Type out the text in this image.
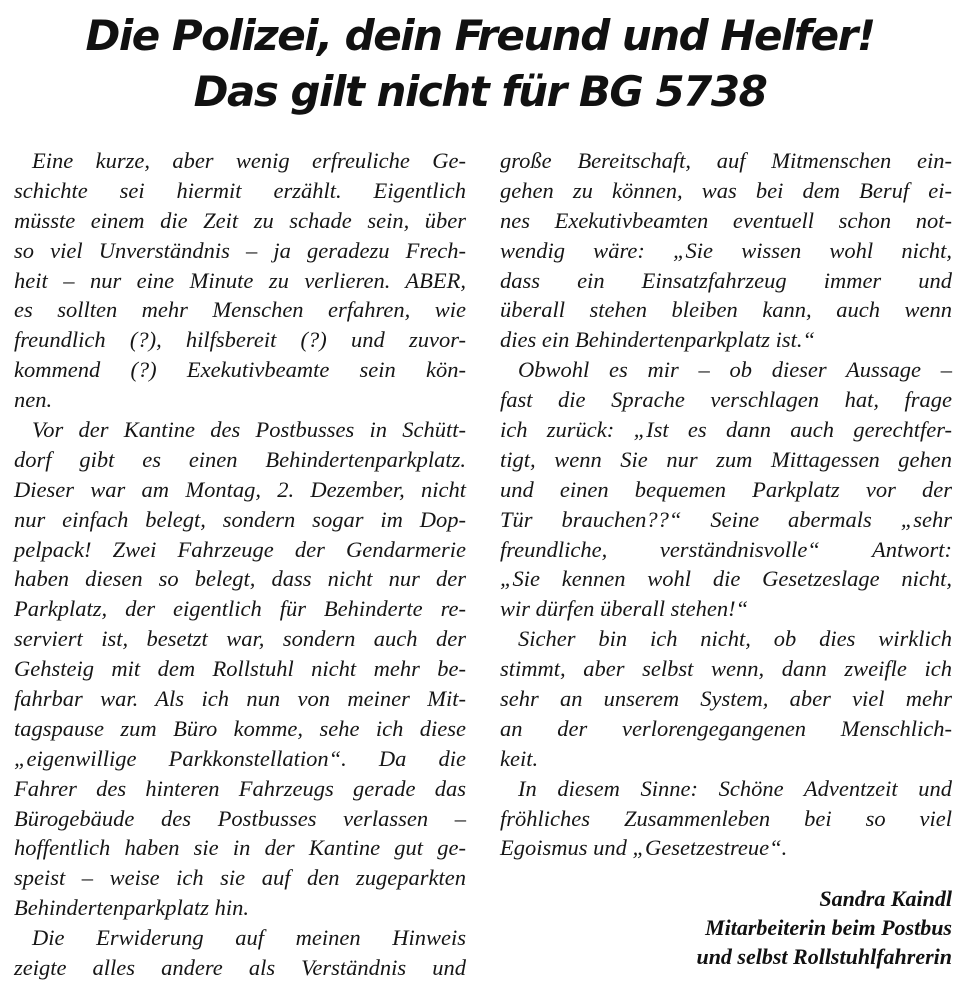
Die Polizei, dein Freund und Helfer!
Das gilt nicht für BG 5738
Eine kurze, aber wenig erfreuliche Ge-
schichte sei hiermit erzählt. Eigentlich
müsste einem die Zeit zu schade sein, über
so viel Unverständnis – ja geradezu Frech-
heit – nur eine Minute zu verlieren. ABER,
es sollten mehr Menschen erfahren, wie
freundlich (?), hilfsbereit (?) und zuvor-
kommend (?) Exekutivbeamte sein kön-
nen.
Vor der Kantine des Postbusses in Schütt-
dorf gibt es einen Behindertenparkplatz.
Dieser war am Montag, 2. Dezember, nicht
nur einfach belegt, sondern sogar im Dop-
pelpack! Zwei Fahrzeuge der Gendarmerie
haben diesen so belegt, dass nicht nur der
Parkplatz, der eigentlich für Behinderte re-
serviert ist, besetzt war, sondern auch der
Gehsteig mit dem Rollstuhl nicht mehr be-
fahrbar war. Als ich nun von meiner Mit-
tagspause zum Büro komme, sehe ich diese
„eigenwillige Parkkonstellation“. Da die
Fahrer des hinteren Fahrzeugs gerade das
Bürogebäude des Postbusses verlassen –
hoffentlich haben sie in der Kantine gut ge-
speist – weise ich sie auf den zugeparkten
Behindertenparkplatz hin.
Die Erwiderung auf meinen Hinweis
zeigte alles andere als Verständnis und
große Bereitschaft, auf Mitmenschen ein-
gehen zu können, was bei dem Beruf ei-
nes Exekutivbeamten eventuell schon not-
wendig wäre: „Sie wissen wohl nicht,
dass ein Einsatzfahrzeug immer und
überall stehen bleiben kann, auch wenn
dies ein Behindertenparkplatz ist.“
Obwohl es mir – ob dieser Aussage –
fast die Sprache verschlagen hat, frage
ich zurück: „Ist es dann auch gerechtfer-
tigt, wenn Sie nur zum Mittagessen gehen
und einen bequemen Parkplatz vor der
Tür brauchen??“ Seine abermals „sehr
freundliche, verständnisvolle“ Antwort:
„Sie kennen wohl die Gesetzeslage nicht,
wir dürfen überall stehen!“
Sicher bin ich nicht, ob dies wirklich
stimmt, aber selbst wenn, dann zweifle ich
sehr an unserem System, aber viel mehr
an der verlorengegangenen Menschlich-
keit.
In diesem Sinne: Schöne Adventzeit und
fröhliches Zusammenleben bei so viel
Egoismus und „Gesetzestreue“.
Sandra Kaindl
Mitarbeiterin beim Postbus
und selbst Rollstuhlfahrerin
